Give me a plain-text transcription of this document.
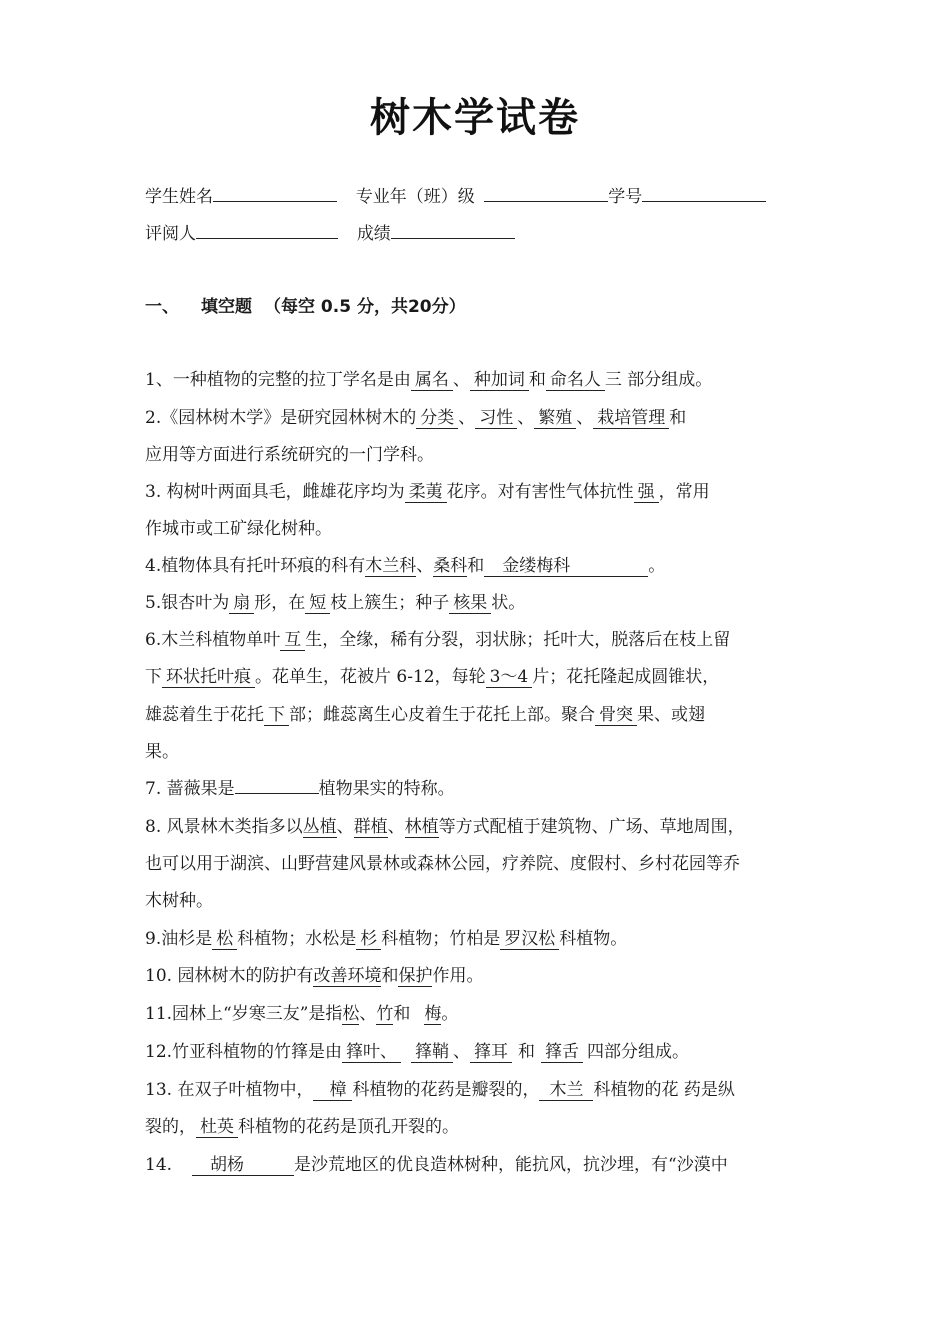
树木学试卷
学生姓名	专业年（班）级	学号
评阅人	成绩
一、 填空题 （每空 0.5 分，共20分）
1、一种植物的完整的拉丁学名是由 属名 、 种加词 和 命名人 三 部分组成。
2.《园林树木学》是研究园林树木的 分类 、 习性 、 繁殖 、 栽培管理 和
应用等方面进行系统研究的一门学科。
3. 构树叶两面具毛，雌雄花序均为 柔荑 花序。对有害性气体抗性 强 ，常用
作城市或工矿绿化树种。
4.植物体具有托叶环痕的科有木兰科、桑科和 金缕梅科	。
5.银杏叶为 扇 形，在 短 枝上簇生；种子 核果 状。
6.木兰科植物单叶 互 生，全缘，稀有分裂，羽状脉；托叶大，脱落后在枝上留
下 环状托叶痕 。花单生，花被片 6-12，每轮 3～4 片；花托隆起成圆锥状，
雄蕊着生于花托 下 部；雌蕊离生心皮着生于花托上部。聚合 骨突 果、或翅
果。
7. 蔷薇果是	植物果实的特称。
8. 风景林木类指多以丛植、群植、林植等方式配植于建筑物、广场、草地周围，
也可以用于湖滨、山野营建风景林或森林公园，疗养院、度假村、乡村花园等乔
木树种。
9.油杉是 松 科植物；水松是 杉 科植物；竹柏是 罗汉松 科植物。
10. 园林树木的防护有改善环境和保护作用。
11.园林上“岁寒三友”是指松、竹和 梅。
12.竹亚科植物的竹箨是由 箨叶、 箨鞘 、 箨耳 和 箨舌 四部分组成。
13. 在双子叶植物中， 樟 科植物的花药是瓣裂的， 木兰 科植物的花 药是纵
裂的， 杜英 科植物的花药是顶孔开裂的。
14. 胡杨	是沙荒地区的优良造林树种，能抗风，抗沙埋，有“沙漠中
